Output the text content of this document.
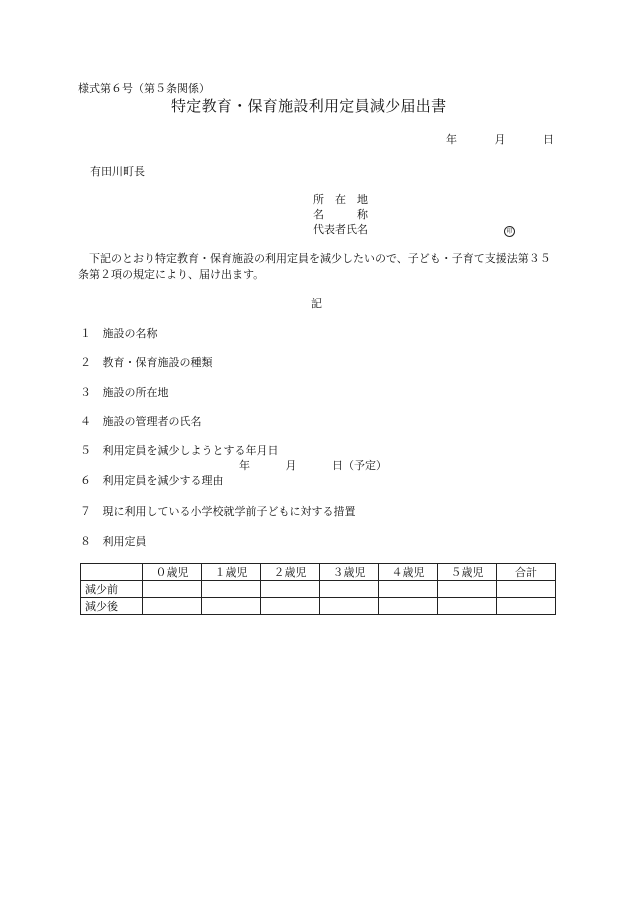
様式第６号（第５条関係）
特定教育・保育施設利用定員減少届出書
年	月	日
有田川町長
所　在　地
名　　　称
代表者氏名	印
下記のとおり特定教育・保育施設の利用定員を減少したいので、子ども・子育て支援法第３５条第２項の規定により、届け出ます。
記
１ 施設の名称
２ 教育・保育施設の種類
３ 施設の所在地
４ 施設の管理者の氏名
５ 利用定員を減少しようとする年月日
年	月	日（予定）
６ 利用定員を減少する理由
７ 現に利用している小学校就学前子どもに対する措置
８ 利用定員
	０歳児	１歳児	２歳児	３歳児	４歳児	５歳児	合計
減少前							
減少後							
